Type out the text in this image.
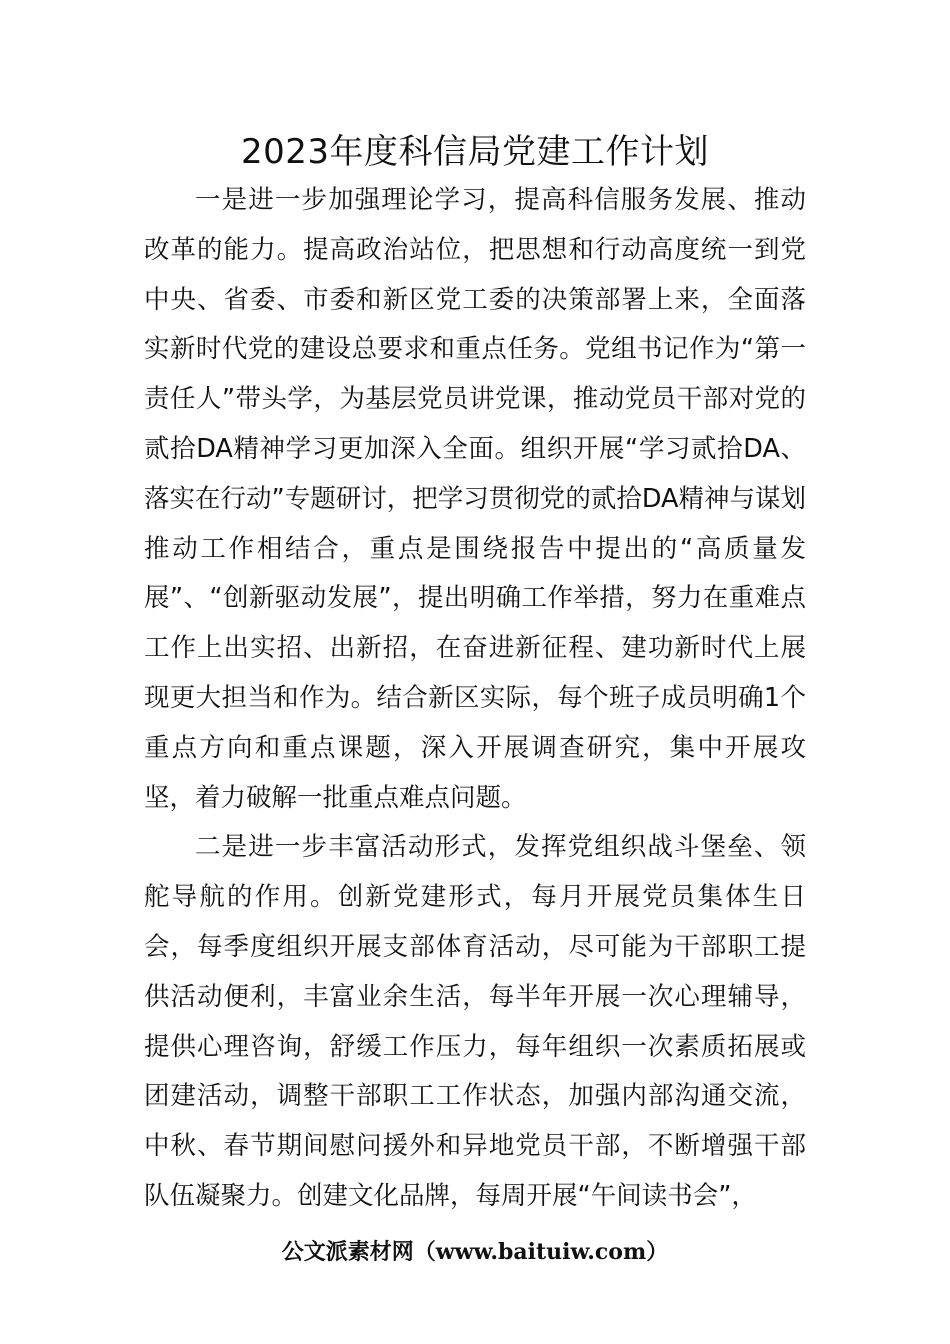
2023年度科信局党建工作计划

一是进一步加强理论学习，提高科信服务发展、推动改革的能力。提高政治站位，把思想和行动高度统一到党中央、省委、市委和新区党工委的决策部署上来，全面落实新时代党的建设总要求和重点任务。党组书记作为“第一责任人”带头学，为基层党员讲党课，推动党员干部对党的贰拾DA精神学习更加深入全面。组织开展“学习贰拾DA、落实在行动”专题研讨，把学习贯彻党的贰拾DA精神与谋划推动工作相结合，重点是围绕报告中提出的“高质量发展”、“创新驱动发展”，提出明确工作举措，努力在重难点工作上出实招、出新招，在奋进新征程、建功新时代上展现更大担当和作为。结合新区实际，每个班子成员明确1个重点方向和重点课题，深入开展调查研究，集中开展攻坚，着力破解一批重点难点问题。

二是进一步丰富活动形式，发挥党组织战斗堡垒、领舵导航的作用。创新党建形式，每月开展党员集体生日会，每季度组织开展支部体育活动，尽可能为干部职工提供活动便利，丰富业余生活，每半年开展一次心理辅导，提供心理咨询，舒缓工作压力，每年组织一次素质拓展或团建活动，调整干部职工工作状态，加强内部沟通交流，中秋、春节期间慰问援外和异地党员干部，不断增强干部队伍凝聚力。创建文化品牌，每周开展“午间读书会”，

公文派素材网（www.baituiw.com）
